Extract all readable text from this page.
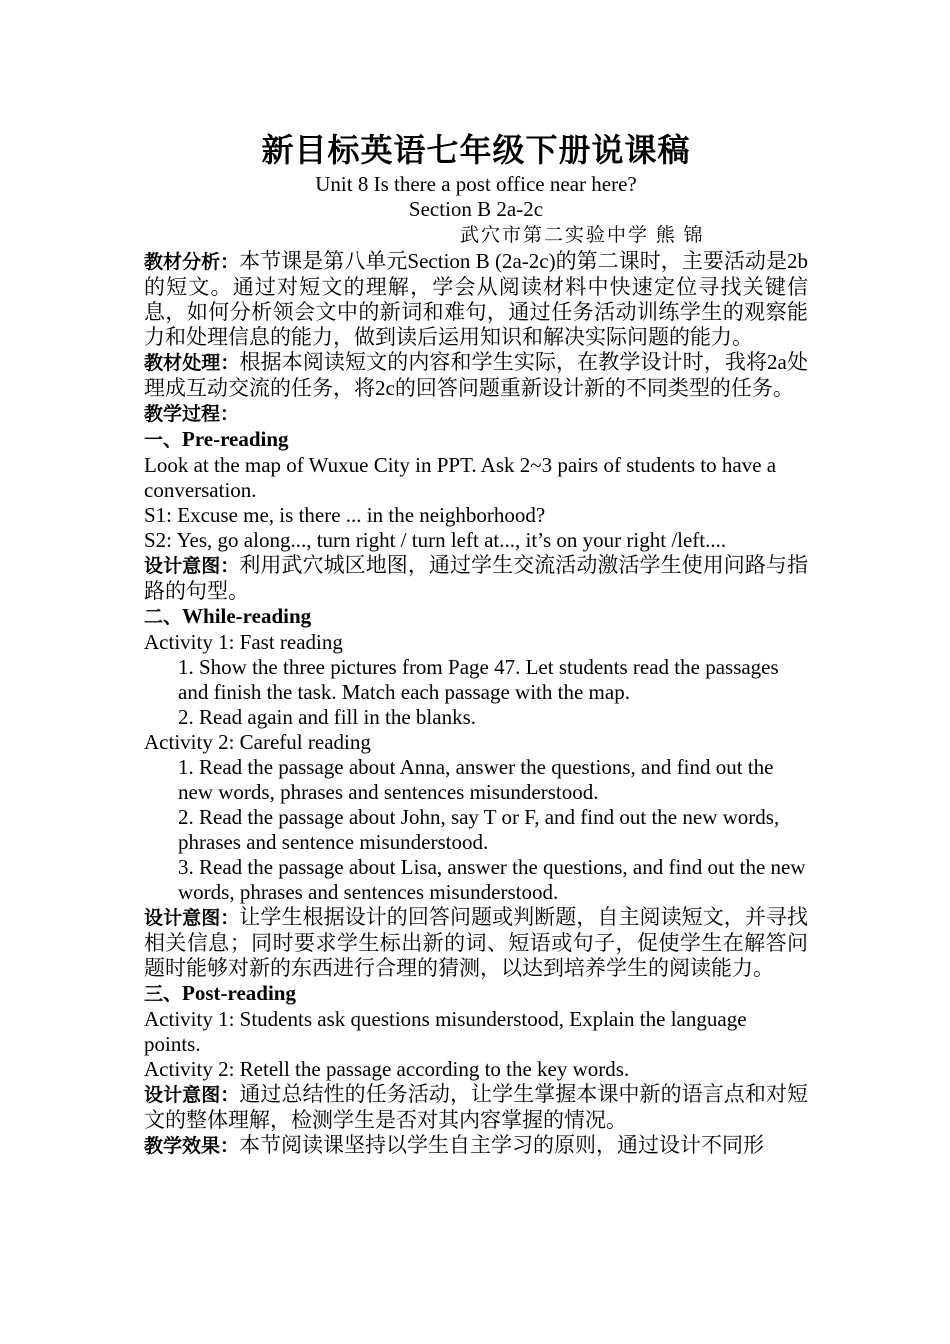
新目标英语七年级下册说课稿

Unit 8 Is there a post office near here?

Section B 2a-2c

武穴市第二实验中学 熊 锦

教材分析：本节课是第八单元Section B (2a-2c)的第二课时，主要活动是2b的短文。通过对短文的理解，学会从阅读材料中快速定位寻找关键信息，如何分析领会文中的新词和难句，通过任务活动训练学生的观察能力和处理信息的能力，做到读后运用知识和解决实际问题的能力。

教材处理：根据本阅读短文的内容和学生实际，在教学设计时，我将2a处理成互动交流的任务，将2c的回答问题重新设计新的不同类型的任务。

教学过程：

一、Pre-reading

Look at the map of Wuxue City in PPT. Ask 2~3 pairs of students to have a conversation.

S1: Excuse me, is there ... in the neighborhood?

S2: Yes, go along..., turn right / turn left at..., it’s on your right /left....

设计意图：利用武穴城区地图，通过学生交流活动激活学生使用问路与指路的句型。

二、While-reading

Activity 1: Fast reading

1. Show the three pictures from Page 47. Let students read the passages and finish the task. Match each passage with the map.

2. Read again and fill in the blanks.

Activity 2: Careful reading

1. Read the passage about Anna, answer the questions, and find out the new words, phrases and sentences misunderstood.

2. Read the passage about John, say T or F, and find out the new words, phrases and sentence misunderstood.

3. Read the passage about Lisa, answer the questions, and find out the new words, phrases and sentences misunderstood.

设计意图：让学生根据设计的回答问题或判断题，自主阅读短文，并寻找相关信息；同时要求学生标出新的词、短语或句子，促使学生在解答问题时能够对新的东西进行合理的猜测，以达到培养学生的阅读能力。

三、Post-reading

Activity 1: Students ask questions misunderstood, Explain the language points.

Activity 2: Retell the passage according to the key words.

设计意图：通过总结性的任务活动，让学生掌握本课中新的语言点和对短文的整体理解，检测学生是否对其内容掌握的情况。

教学效果：本节阅读课坚持以学生自主学习的原则，通过设计不同形
